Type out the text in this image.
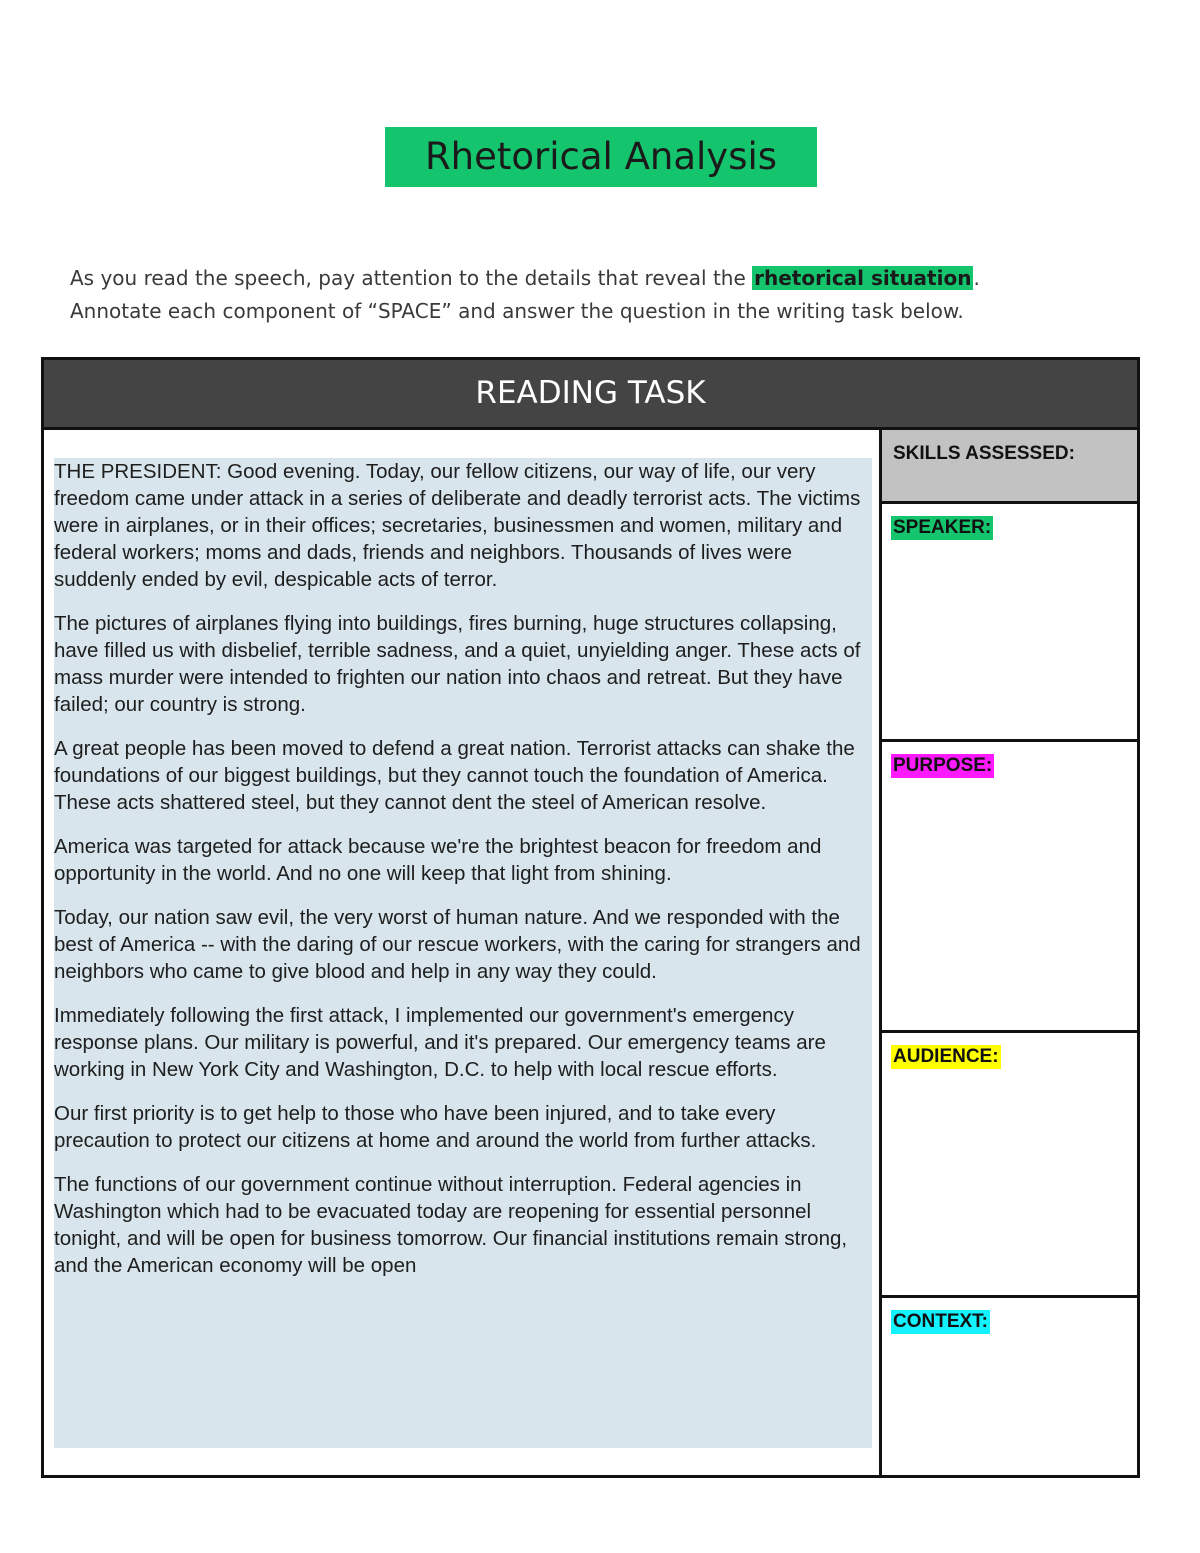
Rhetorical Analysis
As you read the speech, pay attention to the details that reveal the rhetorical situation .
Annotate each component of “SPACE” and answer the question in the writing task below.
READING TASK

THE PRESIDENT: Good evening. Today, our fellow citizens, our way of life, our very freedom came under attack in a series of deliberate and deadly terrorist acts. The victims were in airplanes, or in their offices; secretaries, businessmen and women, military and federal workers; moms and dads, friends and neighbors. Thousands of lives were suddenly ended by evil, despicable acts of terror.

The pictures of airplanes flying into buildings, fires burning, huge structures collapsing, have filled us with disbelief, terrible sadness, and a quiet, unyielding anger. These acts of mass murder were intended to frighten our nation into chaos and retreat. But they have failed; our country is strong.

A great people has been moved to defend a great nation. Terrorist attacks can shake the foundations of our biggest buildings, but they cannot touch the foundation of America. These acts shattered steel, but they cannot dent the steel of American resolve.

America was targeted for attack because we're the brightest beacon for freedom and opportunity in the world. And no one will keep that light from shining.

Today, our nation saw evil, the very worst of human nature. And we responded with the best of America -- with the daring of our rescue workers, with the caring for strangers and neighbors who came to give blood and help in any way they could.

Immediately following the first attack, I implemented our government's emergency response plans. Our military is powerful, and it's prepared. Our emergency teams are working in New York City and Washington, D.C. to help with local rescue efforts.

Our first priority is to get help to those who have been injured, and to take every precaution to protect our citizens at home and around the world from further attacks.

The functions of our government continue without interruption. Federal agencies in Washington which had to be evacuated today are reopening for essential personnel tonight, and will be open for business tomorrow. Our financial institutions remain strong, and the American economy will be open

SKILLS ASSESSED:
SPEAKER:
PURPOSE:
AUDIENCE:
CONTEXT:
